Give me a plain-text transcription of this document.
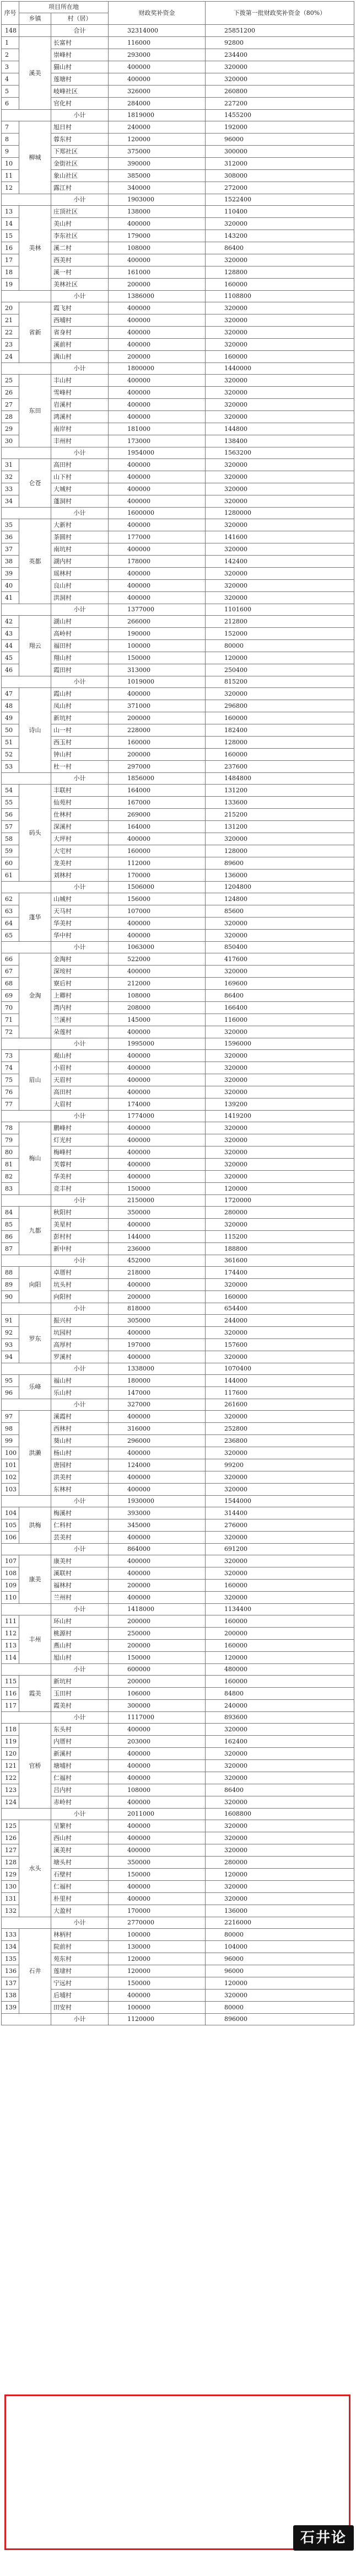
序号	项目所在地		财政奖补资金	下拨第一批财政奖补资金（80%）
	乡镇	村（居）		
148		合计	32314000	25851200
1	溪美	长富村	116000	92800
2		崇峰村	293000	234400
3		猫山村	400000	320000
4		莲塘村	400000	320000
5		岐峰社区	326000	260800
6		官化村	284000	227200
		小计	1819000	1455200
7	柳城	旭日村	240000	192000
8		蓉东村	120000	96000
9		下郑社区	375000	300000
10		金街社区	390000	312000
11		象山社区	385000	308000
12		露江村	340000	272000
		小计	1903000	1522400
13	美林	庄顶社区	138000	110400
14		美山村	400000	320000
15		李东社区	179000	143200
16		溪二村	108000	86400
17		西美村	400000	320000
18		溪一村	161000	128800
19		美林社区	200000	160000
		小计	1386000	1108800
20	省新	霞飞村	400000	320000
21		西埔村	400000	320000
22		省身村	400000	320000
23		溪前村	400000	320000
24		满山村	200000	160000
		小计	1800000	1440000
25	东田	丰山村	400000	320000
26		雪峰村	400000	320000
27		岩溪村	400000	320000
28		鸿溪村	400000	320000
29		南岸村	181000	144800
30		丰州村	173000	138400
		小计	1954000	1563200
31	仑苍	高田村	400000	320000
32		山下村	400000	320000
33		大城村	400000	320000
34		蓬洞村	400000	320000
		小计	1600000	1280000
35	英都	大新村	400000	320000
36		茶圆村	177000	141600
37		南坑村	400000	320000
38		湖内村	178000	142400
39		瑶林村	400000	320000
40		良山村	400000	320000
41		洪洞村	400000	320000
		小计	1377000	1101600
42	翔云	湖山村	266000	212800
43		高岭村	190000	152000
44		福田村	100000	80000
45		翔山村	150000	120000
46		霞田村	313000	250400
		小计	1019000	815200
47	诗山	霞山村	400000	320000
48		凤山村	371000	296800
49		新坑村	200000	160000
50		山一村	228000	182400
51		西玉村	160000	128000
52		钟山村	200000	160000
53		杜一村	297000	237600
		小计	1856000	1484800
54	码头	丰联村	164000	131200
55		仙苑村	167000	133600
56		仕林村	269000	215200
57		深溪村	164000	131200
58		大坪村	400000	320000
59		大宅村	160000	128000
60		龙美村	112000	89600
61		刘林村	170000	136000
		小计	1506000	1204800
62	蓬华	山城村	156000	124800
63		天马村	107000	85600
64		华美村	400000	320000
65		华中村	400000	320000
		小计	1063000	850400
66	金淘	金淘村	522000	417600
67		深垵村	400000	320000
68		寮后村	212000	169600
69		上卿村	108000	86400
70		湾内村	208000	166400
71		兰溪村	145000	116000
72		朵莲村	400000	320000
		小计	1995000	1596000
73	眉山	观山村	400000	320000
74		小眉村	400000	320000
75		天眉村	400000	320000
76		高田村	400000	320000
77		大眉村	174000	139200
		小计	1774000	1419200
78	梅山	鹏峰村	400000	320000
79		灯光村	400000	320000
80		梅峰村	400000	320000
81		芙蓉村	400000	320000
82		华美村	400000	320000
83		竞丰村	150000	120000
		小计	2150000	1720000
84	九都	秋阳村	350000	280000
85		美星村	400000	320000
86		彭村村	144000	115200
87		新中村	236000	188800
		小计	452000	361600
88	向阳	卓厝村	218000	174400
89		坑头村	400000	320000
90		向阳村	200000	160000
		小计	818000	654400
91	罗东	振兴村	305000	244000
92		坑园村	400000	320000
93		高厚村	197000	157600
94		罗溪村	400000	320000
		小计	1338000	1070400
95	乐峰	福山村	180000	144000
96		乐山村	147000	117600
		小计	327000	261600
97	洪濑	溪霞村	400000	320000
98		西林村	316000	252800
99		葵山村	296000	236800
100		杨山村	400000	320000
101		唐园村	124000	99200
102		洪美村	400000	320000
103		东林村	400000	320000
		小计	1930000	1544000
104	洪梅	梅溪村	393000	314400
105		仁科村	345000	276000
106		芸美村	400000	320000
		小计	864000	691200
107	康美	康美村	400000	320000
108		溪联村	400000	320000
109		福林村	200000	160000
110		兰州村	400000	320000
		小计	1418000	1134400
111	丰州	环山村	200000	160000
112		桃源村	250000	200000
113		燕山村	200000	160000
114		旭山村	150000	120000
		小计	600000	480000
115	霞美	新坑村	200000	160000
116		玉田村	106000	84800
117		霞美村	300000	240000
		小计	1117000	893600
118	官桥	东头村	400000	320000
119		内厝村	203000	162400
120		新溪村	400000	320000
121		塘埔村	400000	320000
122		仁福村	400000	320000
123		吕内村	108000	86400
124		赤岭村	400000	320000
		小计	2011000	1608800
125	水头	呈繁村	400000	320000
126		西山村	400000	320000
127		溪美村	400000	320000
128		塘头村	350000	280000
129		石壁村	150000	120000
130		仁福村	400000	320000
131		朴里村	400000	320000
132		大盈村	170000	136000
		小计	2770000	2216000
133	石井	林柄村	100000	80000
134		院前村	130000	104000
135		苑东村	120000	96000
136		莲埭村	120000	96000
137		宁远村	150000	120000
138		后埔村	400000	320000
139		田安村	100000	80000
		小计	1120000	896000
石井论坛
